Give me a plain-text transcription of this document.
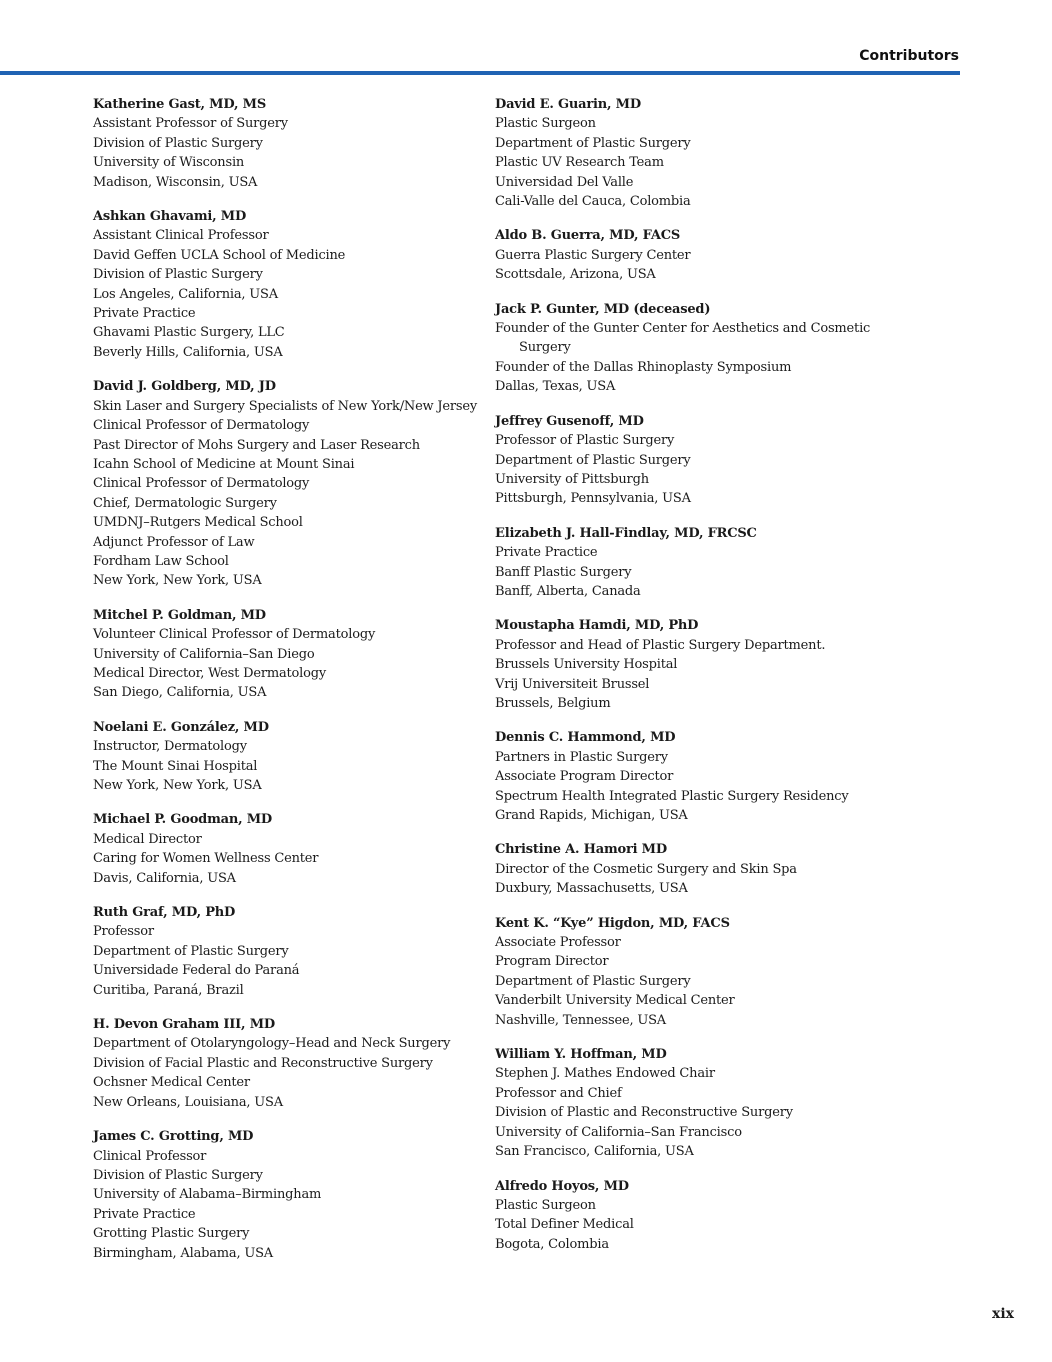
Contributors
Katherine Gast, MD, MS
Assistant Professor of Surgery
Division of Plastic Surgery
University of Wisconsin
Madison, Wisconsin, USA
Ashkan Ghavami, MD
Assistant Clinical Professor
David Geffen UCLA School of Medicine
Division of Plastic Surgery
Los Angeles, California, USA
Private Practice
Ghavami Plastic Surgery, LLC
Beverly Hills, California, USA
David J. Goldberg, MD, JD
Skin Laser and Surgery Specialists of New York/New Jersey
Clinical Professor of Dermatology
Past Director of Mohs Surgery and Laser Research
Icahn School of Medicine at Mount Sinai
Clinical Professor of Dermatology
Chief, Dermatologic Surgery
UMDNJ–Rutgers Medical School
Adjunct Professor of Law
Fordham Law School
New York, New York, USA
Mitchel P. Goldman, MD
Volunteer Clinical Professor of Dermatology
University of California–San Diego
Medical Director, West Dermatology
San Diego, California, USA
Noelani E. González, MD
Instructor, Dermatology
The Mount Sinai Hospital
New York, New York, USA
Michael P. Goodman, MD
Medical Director
Caring for Women Wellness Center
Davis, California, USA
Ruth Graf, MD, PhD
Professor
Department of Plastic Surgery
Universidade Federal do Paraná
Curitiba, Paraná, Brazil
H. Devon Graham III, MD
Department of Otolaryngology–Head and Neck Surgery
Division of Facial Plastic and Reconstructive Surgery
Ochsner Medical Center
New Orleans, Louisiana, USA
James C. Grotting, MD
Clinical Professor
Division of Plastic Surgery
University of Alabama–Birmingham
Private Practice
Grotting Plastic Surgery
Birmingham, Alabama, USA
David E. Guarin, MD
Plastic Surgeon
Department of Plastic Surgery
Plastic UV Research Team
Universidad Del Valle
Cali-Valle del Cauca, Colombia
Aldo B. Guerra, MD, FACS
Guerra Plastic Surgery Center
Scottsdale, Arizona, USA
Jack P. Gunter, MD (deceased)
Founder of the Gunter Center for Aesthetics and Cosmetic
Surgery
Founder of the Dallas Rhinoplasty Symposium
Dallas, Texas, USA
Jeffrey Gusenoff, MD
Professor of Plastic Surgery
Department of Plastic Surgery
University of Pittsburgh
Pittsburgh, Pennsylvania, USA
Elizabeth J. Hall-Findlay, MD, FRCSC
Private Practice
Banff Plastic Surgery
Banff, Alberta, Canada
Moustapha Hamdi, MD, PhD
Professor and Head of Plastic Surgery Department.
Brussels University Hospital
Vrij Universiteit Brussel
Brussels, Belgium
Dennis C. Hammond, MD
Partners in Plastic Surgery
Associate Program Director
Spectrum Health Integrated Plastic Surgery Residency
Grand Rapids, Michigan, USA
Christine A. Hamori MD
Director of the Cosmetic Surgery and Skin Spa
Duxbury, Massachusetts, USA
Kent K. “Kye” Higdon, MD, FACS
Associate Professor
Program Director
Department of Plastic Surgery
Vanderbilt University Medical Center
Nashville, Tennessee, USA
William Y. Hoffman, MD
Stephen J. Mathes Endowed Chair
Professor and Chief
Division of Plastic and Reconstructive Surgery
University of California–San Francisco
San Francisco, California, USA
Alfredo Hoyos, MD
Plastic Surgeon
Total Definer Medical
Bogota, Colombia
xix
